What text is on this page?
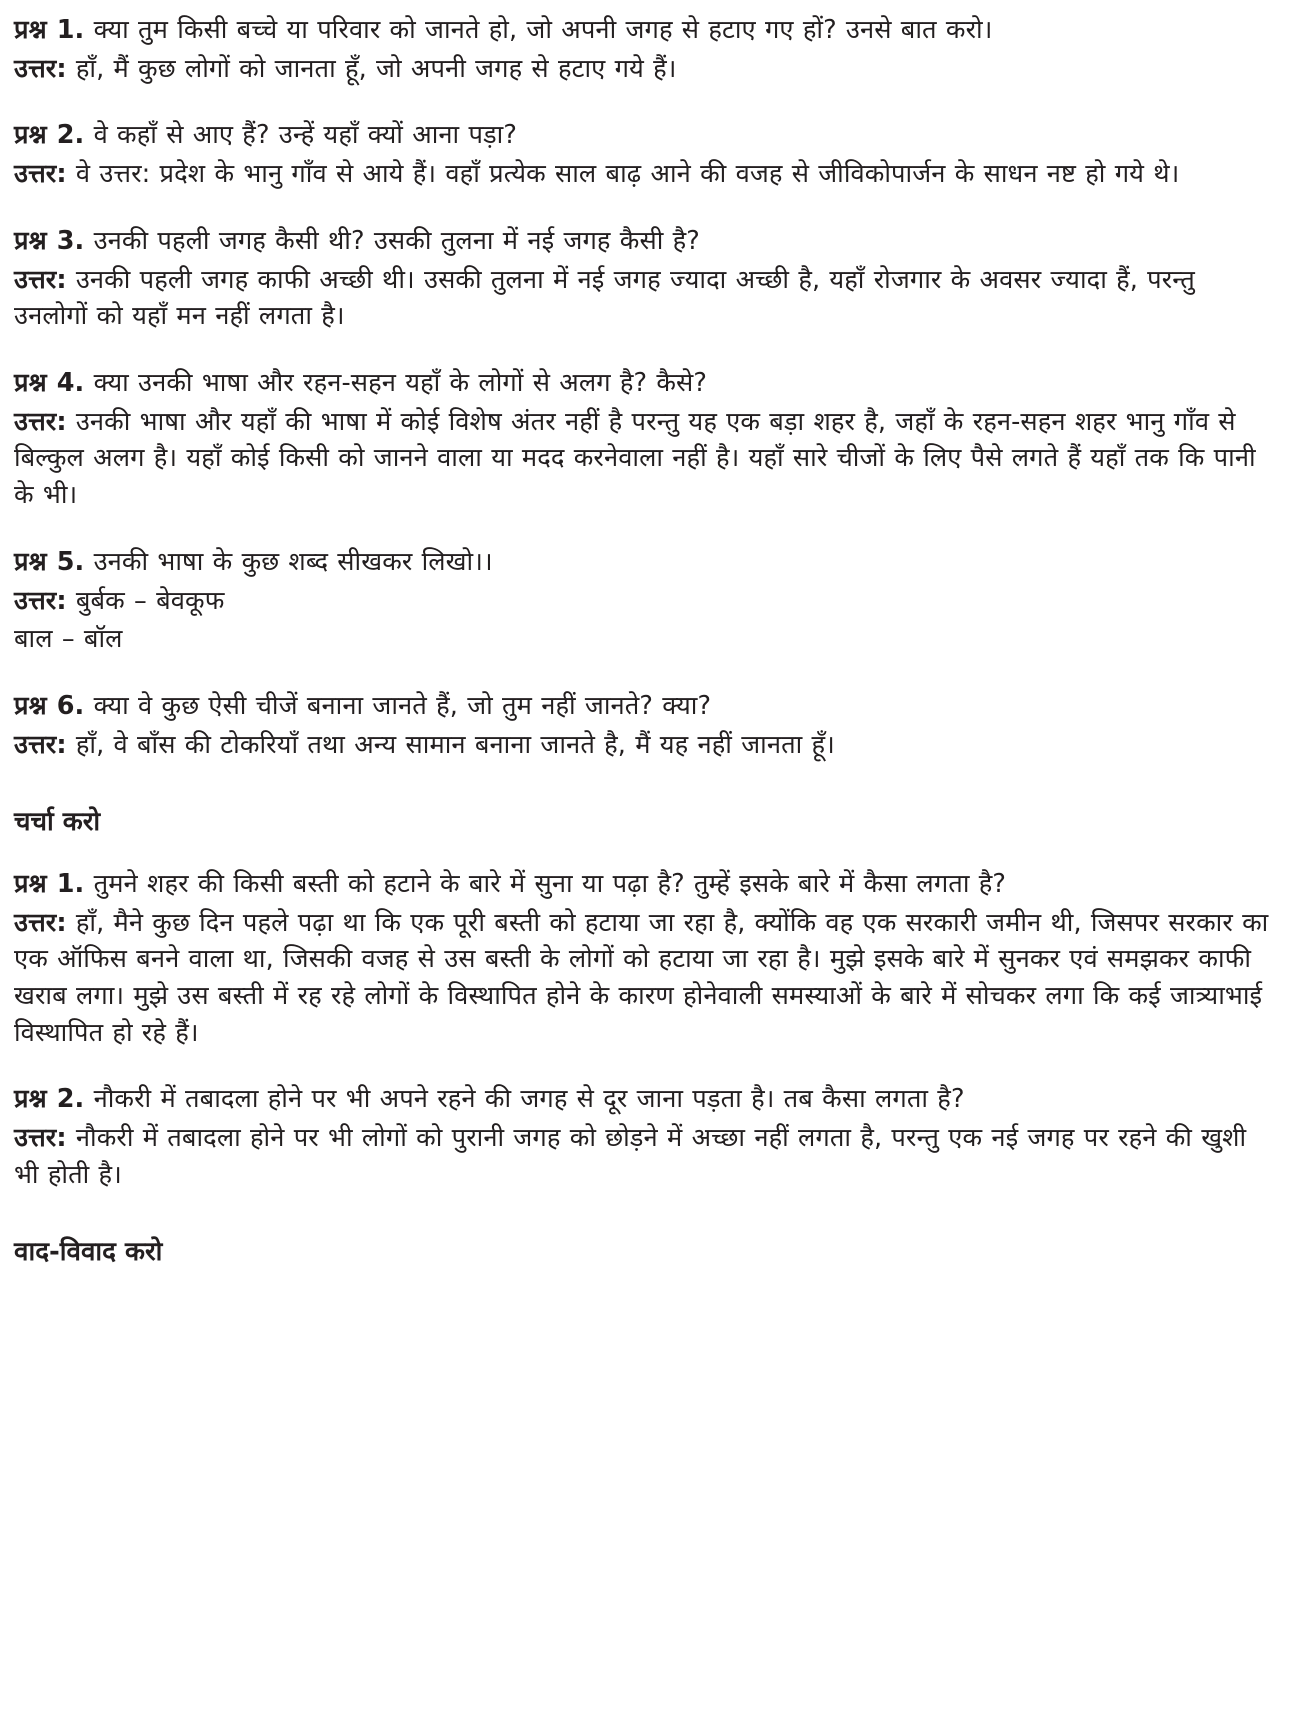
प्रश्न 1. क्या तुम किसी बच्चे या परिवार को जानते हो, जो अपनी जगह से हटाए गए हों? उनसे बात करो।

उत्तर: हाँ, मैं कुछ लोगों को जानता हूँ, जो अपनी जगह से हटाए गये हैं।

प्रश्न 2. वे कहाँ से आए हैं? उन्हें यहाँ क्यों आना पड़ा?

उत्तर: वे उत्तर: प्रदेश के भानु गाँव से आये हैं। वहाँ प्रत्येक साल बाढ़ आने की वजह से जीविकोपार्जन के साधन नष्ट हो गये थे।

प्रश्न 3. उनकी पहली जगह कैसी थी? उसकी तुलना में नई जगह कैसी है?

उत्तर: उनकी पहली जगह काफी अच्छी थी। उसकी तुलना में नई जगह ज्यादा अच्छी है, यहाँ रोजगार के अवसर ज्यादा हैं, परन्तु उनलोगों को यहाँ मन नहीं लगता है।

प्रश्न 4. क्या उनकी भाषा और रहन-सहन यहाँ के लोगों से अलग है? कैसे?

उत्तर: उनकी भाषा और यहाँ की भाषा में कोई विशेष अंतर नहीं है परन्तु यह एक बड़ा शहर है, जहाँ के रहन-सहन शहर भानु गाँव से बिल्कुल अलग है। यहाँ कोई किसी को जानने वाला या मदद करनेवाला नहीं है। यहाँ सारे चीजों के लिए पैसे लगते हैं यहाँ तक कि पानी के भी।

प्रश्न 5. उनकी भाषा के कुछ शब्द सीखकर लिखो।।

उत्तर: बुर्बक – बेवकूफ

बाल – बॉल

प्रश्न 6. क्या वे कुछ ऐसी चीजें बनाना जानते हैं, जो तुम नहीं जानते? क्या?

उत्तर: हाँ, वे बाँस की टोकरियाँ तथा अन्य सामान बनाना जानते है, मैं यह नहीं जानता हूँ।

चर्चा करो

प्रश्न 1. तुमने शहर की किसी बस्ती को हटाने के बारे में सुना या पढ़ा है? तुम्हें इसके बारे में कैसा लगता है?

उत्तर: हाँ, मैने कुछ दिन पहले पढ़ा था कि एक पूरी बस्ती को हटाया जा रहा है, क्योंकि वह एक सरकारी जमीन थी, जिसपर सरकार का एक ऑफिस बनने वाला था, जिसकी वजह से उस बस्ती के लोगों को हटाया जा रहा है। मुझे इसके बारे में सुनकर एवं समझकर काफी खराब लगा। मुझे उस बस्ती में रह रहे लोगों के विस्थापित होने के कारण होनेवाली समस्याओं के बारे में सोचकर लगा कि कई जात्र्याभाई विस्थापित हो रहे हैं।

प्रश्न 2. नौकरी में तबादला होने पर भी अपने रहने की जगह से दूर जाना पड़ता है। तब कैसा लगता है?

उत्तर: नौकरी में तबादला होने पर भी लोगों को पुरानी जगह को छोड़ने में अच्छा नहीं लगता है, परन्तु एक नई जगह पर रहने की खुशी भी होती है।

वाद-विवाद करो
